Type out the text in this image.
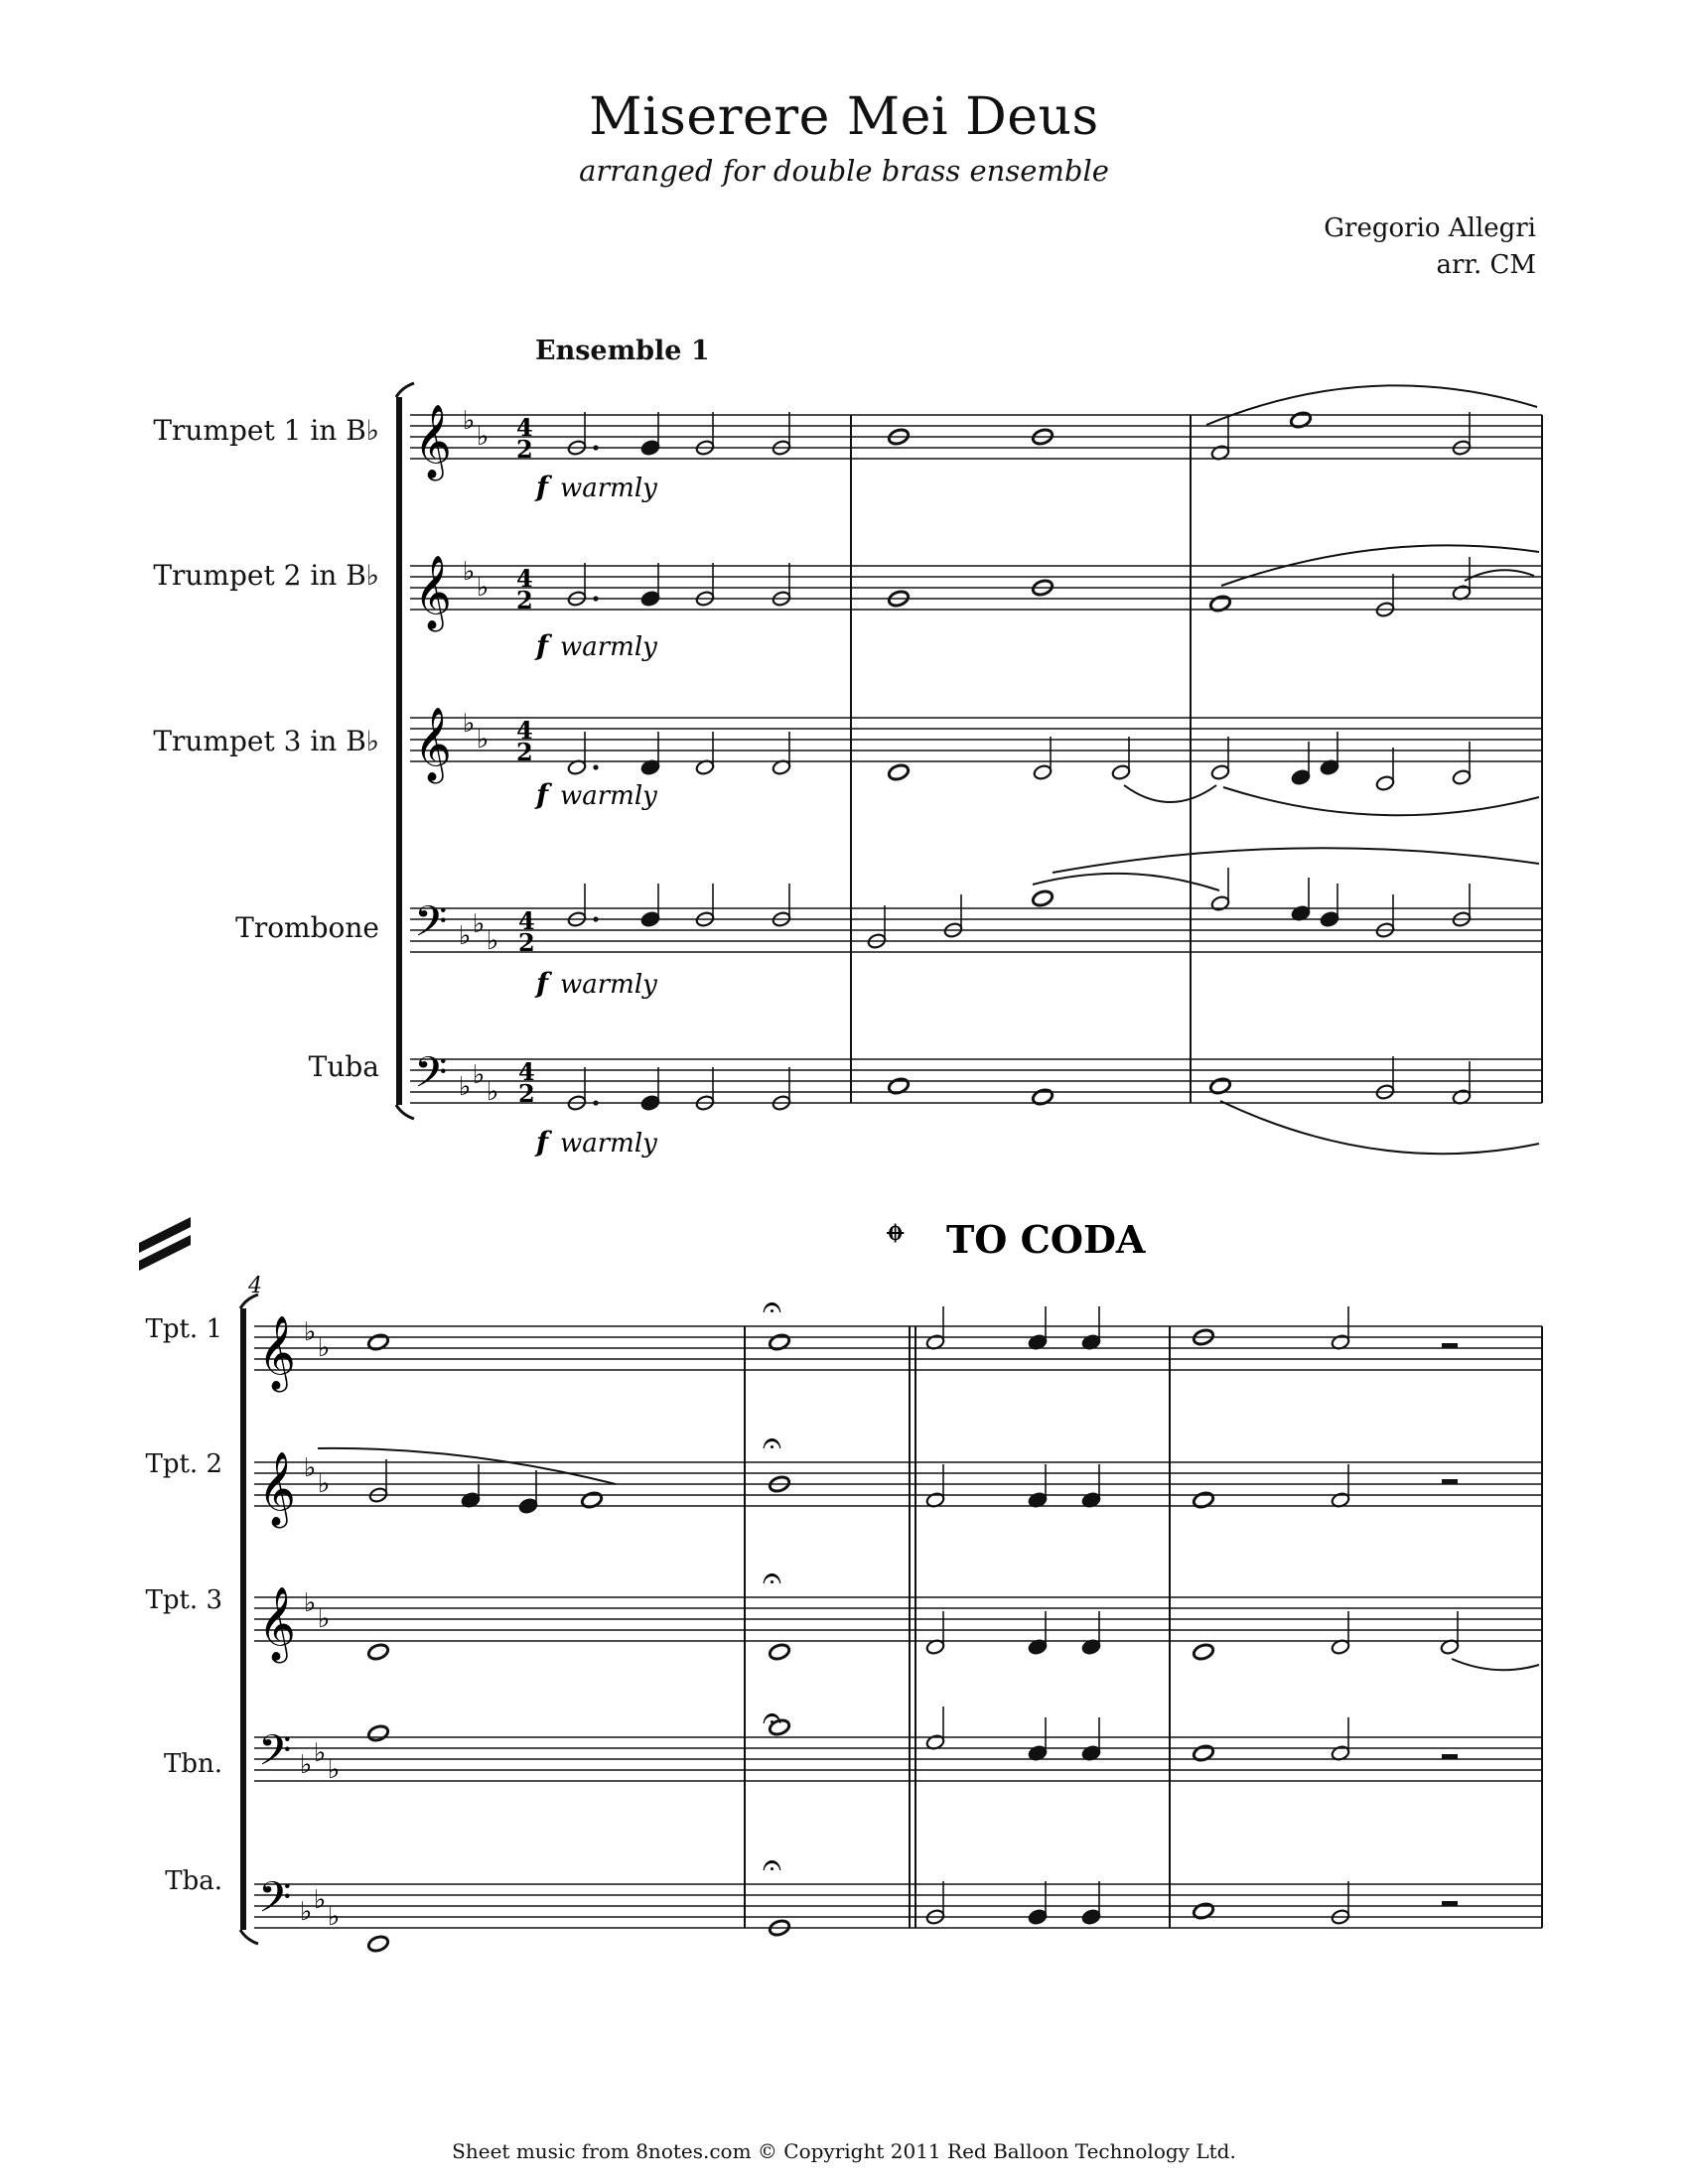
𝄞 ♭
♭ 4
2
f warmly
𝄞 ♭
♭ 4
2
f warmly
𝄞 ♭
♭ 4
2
f warmly
𝄢 ♭ ♭
♭
4
2
f warmly
𝄢 ♭ ♭
♭
4
2
f warmly
4
𝄌 TO CODA
𝄞 ♭
♭
𝄞 ♭
♭
𝄞 ♭
♭
𝄢 ♭ ♭
♭
𝄢 ♭ ♭
♭
𝄐
𝄐
𝄐
𝄐
𝄐
Miserere Mei Deus
arranged for double brass ensemble
Gregorio Allegri
arr. CM
Ensemble 1
Trumpet 1 in B♭
Trumpet 2 in B♭
Trumpet 3 in B♭
Trombone
Tuba
Tpt. 1
Tpt. 2
Tpt. 3
Tbn.
Tba.
Sheet music from 8notes.com © Copyright 2011 Red Balloon Technology Ltd.
